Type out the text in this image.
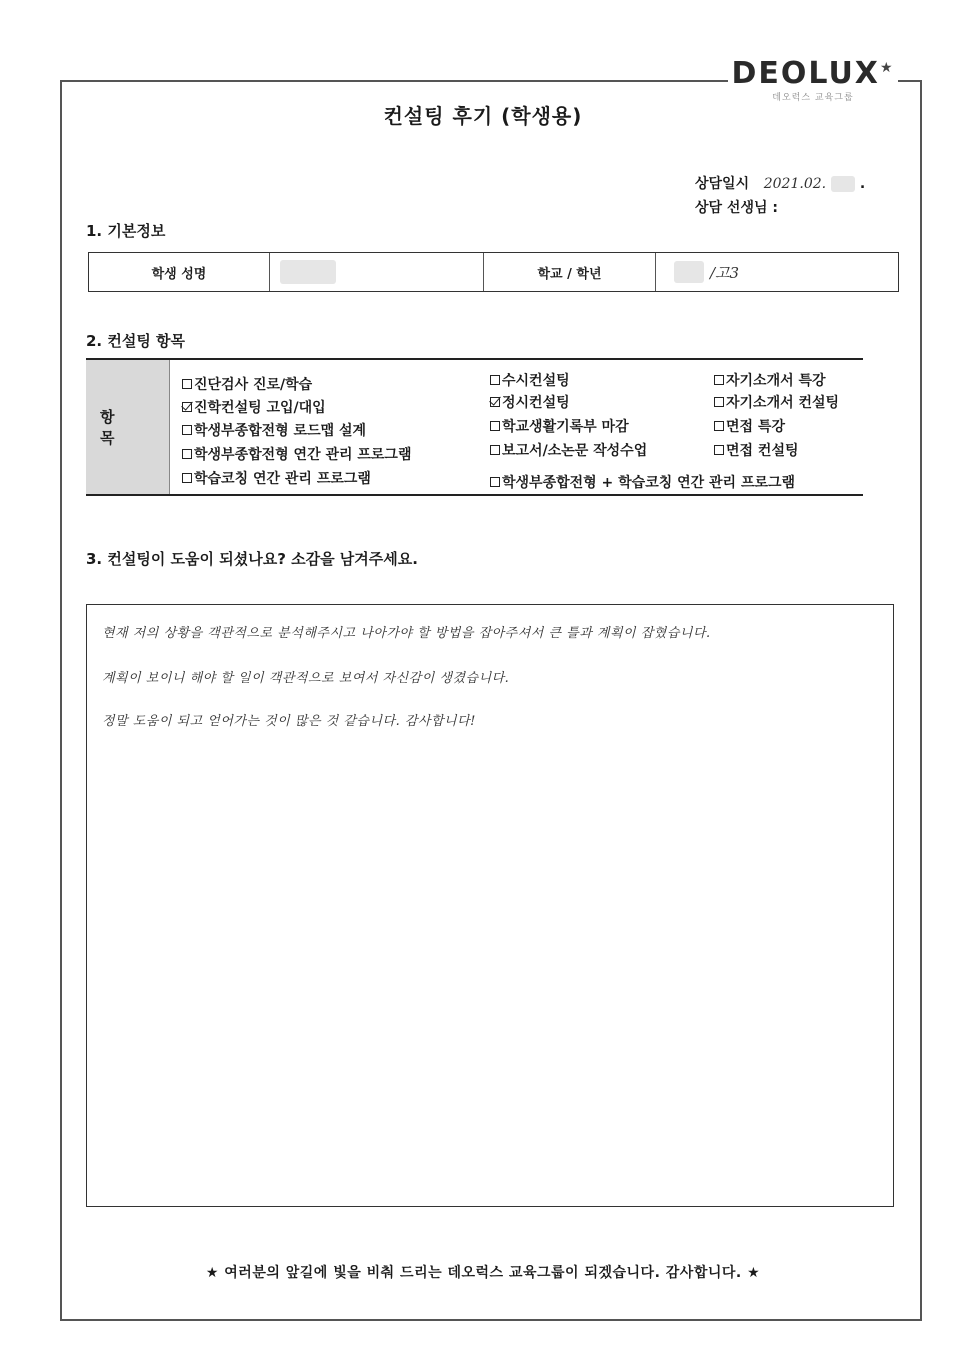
DEOLUX★
데오럭스 교육그룹
컨설팅 후기 (학생용)
상담일시 2021.02. .
상담 선생님 :
1. 기본정보
학생 성명	학교 / 학년	/고3
2. 컨설팅 항목
항 목
진단검사 진로/학습
진학컨설팅 고입/대입
학생부종합전형 로드맵 설계
학생부종합전형 연간 관리 프로그램
학습코칭 연간 관리 프로그램
수시컨설팅
정시컨설팅
학교생활기록부 마감
보고서/소논문 작성수업
학생부종합전형 + 학습코칭 연간 관리 프로그램
자기소개서 특강
자기소개서 컨설팅
면접 특강
면접 컨설팅
3. 컨설팅이 도움이 되셨나요? 소감을 남겨주세요.
현재 저의 상황을 객관적으로 분석해주시고 나아가야 할 방법을 잡아주셔서 큰 틀과 계획이 잡혔습니다.
계획이 보이니 해야 할 일이 객관적으로 보여서 자신감이 생겼습니다.
정말 도움이 되고 얻어가는 것이 많은 것 같습니다. 감사합니다!
★ 여러분의 앞길에 빛을 비춰 드리는 데오럭스 교육그룹이 되겠습니다. 감사합니다. ★
